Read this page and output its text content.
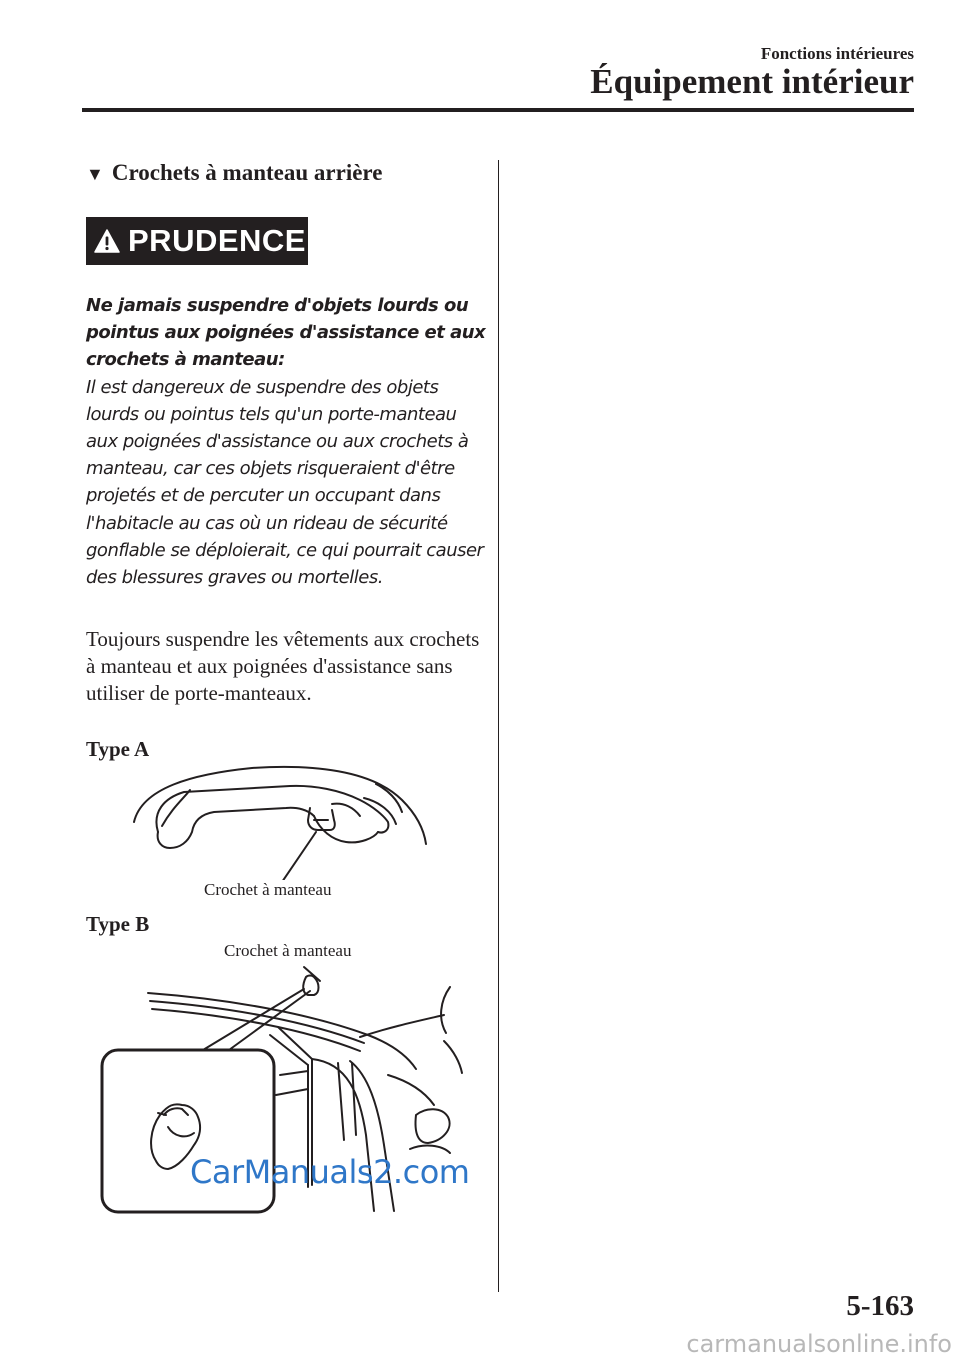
Fonctions intérieures
Équipement intérieur
▼ Crochets à manteau arrière
PRUDENCE

Ne jamais suspendre d'objets lourds ou pointus aux poignées d'assistance et aux crochets à manteau:

Il est dangereux de suspendre des objets lourds ou pointus tels qu'un porte-manteau aux poignées d'assistance ou aux crochets à manteau, car ces objets risqueraient d'être projetés et de percuter un occupant dans l'habitacle au cas où un rideau de sécurité gonflable se déploierait, ce qui pourrait causer des blessures graves ou mortelles.

Toujours suspendre les vêtements aux crochets à manteau et aux poignées d'assistance sans utiliser de porte-manteaux.

Type A
Crochet à manteau
Type B
Crochet à manteau
CarManuals2.com
5-163
carmanualsonline.info
